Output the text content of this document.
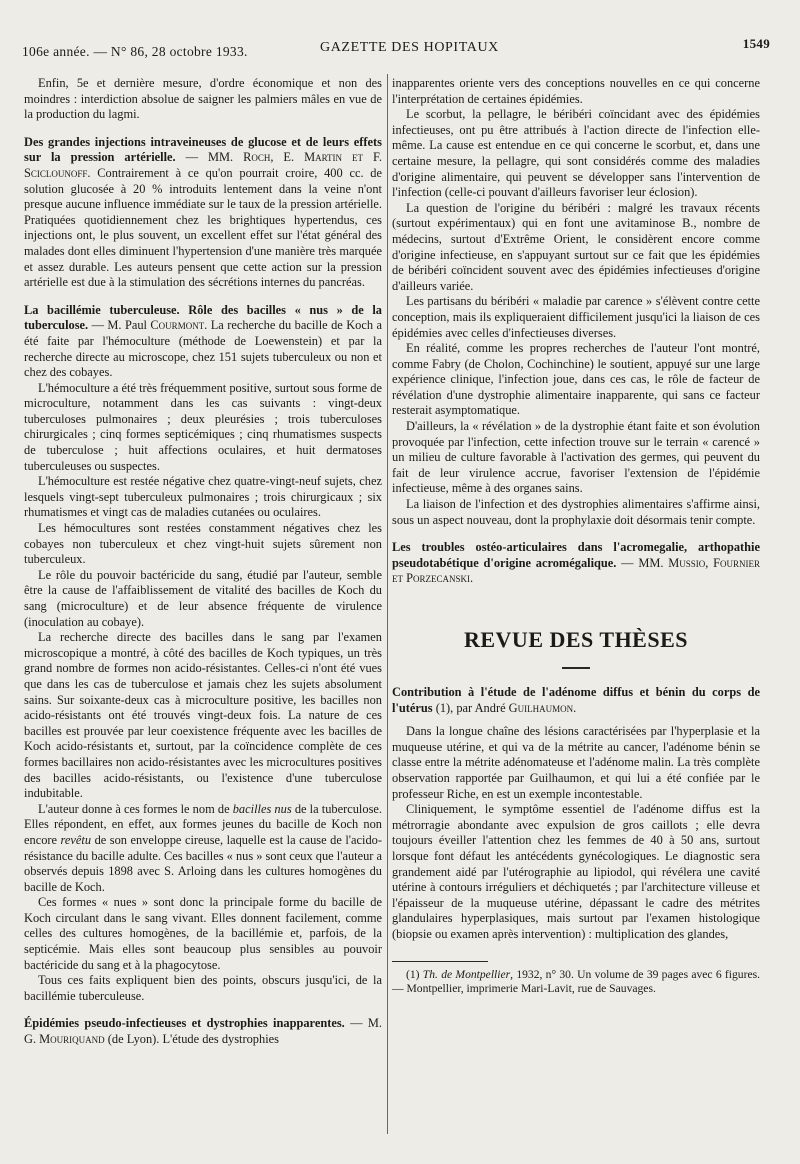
106e année. — N° 86, 28 octobre 1933.	GAZETTE DES HOPITAUX	1549

Enfin, 5e et dernière mesure, d'ordre économique et non des moindres : interdiction absolue de saigner les palmiers mâles en vue de la production du lagmi.

Des grandes injections intraveineuses de glucose et de leurs effets sur la pression artérielle. — MM. Roch, E. Martin et F. Sciclounoff. Contrairement à ce qu'on pourrait croire, 400 cc. de solution glucosée à 20 % introduits lentement dans la veine n'ont presque aucune influence immédiate sur le taux de la pression artérielle. Pratiquées quotidiennement chez les brightiques hypertendus, ces injections ont, le plus souvent, un excellent effet sur l'état général des malades dont elles diminuent l'hypertension d'une manière très marquée et assez durable. Les auteurs pensent que cette action sur la pression artérielle est due à la stimulation des sécrétions internes du pancréas.

La bacillémie tuberculeuse. Rôle des bacilles « nus » de la tuberculose. — M. Paul Courmont. La recherche du bacille de Koch a été faite par l'hémoculture (méthode de Loewenstein) et par la recherche directe au microscope, chez 151 sujets tuberculeux ou non et chez des cobayes.

L'hémoculture a été très fréquemment positive, surtout sous forme de microculture, notamment dans les cas suivants : vingt-deux tuberculoses pulmonaires ; deux pleurésies ; trois tuberculoses chirurgicales ; cinq formes septicémiques ; cinq rhumatismes suspects de tuberculose ; huit affections oculaires, et huit dermatoses tuberculeuses ou suspectes.

L'hémoculture est restée négative chez quatre-vingt-neuf sujets, chez lesquels vingt-sept tuberculeux pulmonaires ; trois chirurgicaux ; six rhumatismes et vingt cas de maladies cutanées ou oculaires.

Les hémocultures sont restées constamment négatives chez les cobayes non tuberculeux et chez vingt-huit sujets sûrement non tuberculeux.

Le rôle du pouvoir bactéricide du sang, étudié par l'auteur, semble être la cause de l'affaiblissement de vitalité des bacilles de Koch du sang (microculture) et de leur absence fréquente de virulence (inoculation au cobaye).

La recherche directe des bacilles dans le sang par l'examen microscopique a montré, à côté des bacilles de Koch typiques, un très grand nombre de formes non acido-résistantes. Celles-ci n'ont été vues que dans les cas de tuberculose et jamais chez les sujets absolument sains. Sur soixante-deux cas à microculture positive, les bacilles non acido-résistants ont été trouvés vingt-deux fois. La nature de ces bacilles est prouvée par leur coexistence fréquente avec les bacilles de Koch acido-résistants et, surtout, par la coïncidence complète de ces formes bacillaires non acido-résistantes avec les microcultures positives des bacilles acido-résistants, ou l'existence d'une tuberculose indubitable.

L'auteur donne à ces formes le nom de bacilles nus de la tuberculose. Elles répondent, en effet, aux formes jeunes du bacille de Koch non encore revêtu de son enveloppe cireuse, laquelle est la cause de l'acido-résistance du bacille adulte. Ces bacilles « nus » sont ceux que l'auteur a observés depuis 1898 avec S. Arloing dans les cultures homogènes du bacille de Koch.

Ces formes « nues » sont donc la principale forme du bacille de Koch circulant dans le sang vivant. Elles donnent facilement, comme celles des cultures homogènes, de la bacillémie et, parfois, de la septicémie. Mais elles sont beaucoup plus sensibles au pouvoir bactéricide du sang et à la phagocytose.

Tous ces faits expliquent bien des points, obscurs jusqu'ici, de la bacillémie tuberculeuse.

Épidémies pseudo-infectieuses et dystrophies inapparentes. — M. G. Mouriquand (de Lyon). L'étude des dystrophies

inapparentes oriente vers des conceptions nouvelles en ce qui concerne l'interprétation de certaines épidémies.

Le scorbut, la pellagre, le béribéri coïncidant avec des épidémies infectieuses, ont pu être attribués à l'action directe de l'infection elle-même. La cause est entendue en ce qui concerne le scorbut, et, dans une certaine mesure, la pellagre, qui sont considérés comme des maladies d'origine alimentaire, qui peuvent se développer sans l'intervention de l'infection (celle-ci pouvant d'ailleurs favoriser leur éclosion).

La question de l'origine du béribéri : malgré les travaux récents (surtout expérimentaux) qui en font une avitaminose B., nombre de médecins, surtout d'Extrême Orient, le considèrent encore comme d'origine infectieuse, en s'appuyant surtout sur ce fait que les épidémies de béribéri coïncident souvent avec des épidémies infectieuses d'origine d'ailleurs variée.

Les partisans du béribéri « maladie par carence » s'élèvent contre cette conception, mais ils expliqueraient difficilement jusqu'ici la liaison de ces épidémies avec celles d'infectieuses diverses.

En réalité, comme les propres recherches de l'auteur l'ont montré, comme Fabry (de Cholon, Cochinchine) le soutient, appuyé sur une large expérience clinique, l'infection joue, dans ces cas, le rôle de facteur de révélation d'une dystrophie alimentaire inapparente, qui sans ce facteur resterait asymptomatique.

D'ailleurs, la « révélation » de la dystrophie étant faite et son évolution provoquée par l'infection, cette infection trouve sur le terrain « carencé » un milieu de culture favorable à l'activation des germes, qui peuvent du fait de leur virulence accrue, favoriser l'extension de l'épidémie infectieuse, même à des organes sains.

La liaison de l'infection et des dystrophies alimentaires s'affirme ainsi, sous un aspect nouveau, dont la prophylaxie doit désormais tenir compte.

Les troubles ostéo-articulaires dans l'acromegalie, arthopathie pseudotabétique d'origine acromégalique. — MM. Mussio, Fournier et Porzecanski.

REVUE DES THÈSES

Contribution à l'étude de l'adénome diffus et bénin du corps de l'utérus (1), par André Guilhaumon.

Dans la longue chaîne des lésions caractérisées par l'hyperplasie et la muqueuse utérine, et qui va de la métrite au cancer, l'adénome bénin se classe entre la métrite adénomateuse et l'adénome malin. La très complète observation rapportée par Guilhaumon, et qui lui a été confiée par le professeur Riche, en est un exemple incontestable.

Cliniquement, le symptôme essentiel de l'adénome diffus est la métrorragie abondante avec expulsion de gros caillots ; elle devra toujours éveiller l'attention chez les femmes de 40 à 50 ans, surtout lorsque font défaut les antécédents gynécologiques. Le diagnostic sera grandement aidé par l'utérographie au lipiodol, qui révélera une cavité utérine à contours irréguliers et déchiquetés ; par l'architecture villeuse et l'épaisseur de la muqueuse utérine, dépassant le cadre des métrites glandulaires hyperplasiques, mais surtout par l'examen histologique (biopsie ou examen après intervention) : multiplication des glandes,

(1) Th. de Montpellier, 1932, n° 30. Un volume de 39 pages avec 6 figures. — Montpellier, imprimerie Mari-Lavit, rue de Sauvages.
